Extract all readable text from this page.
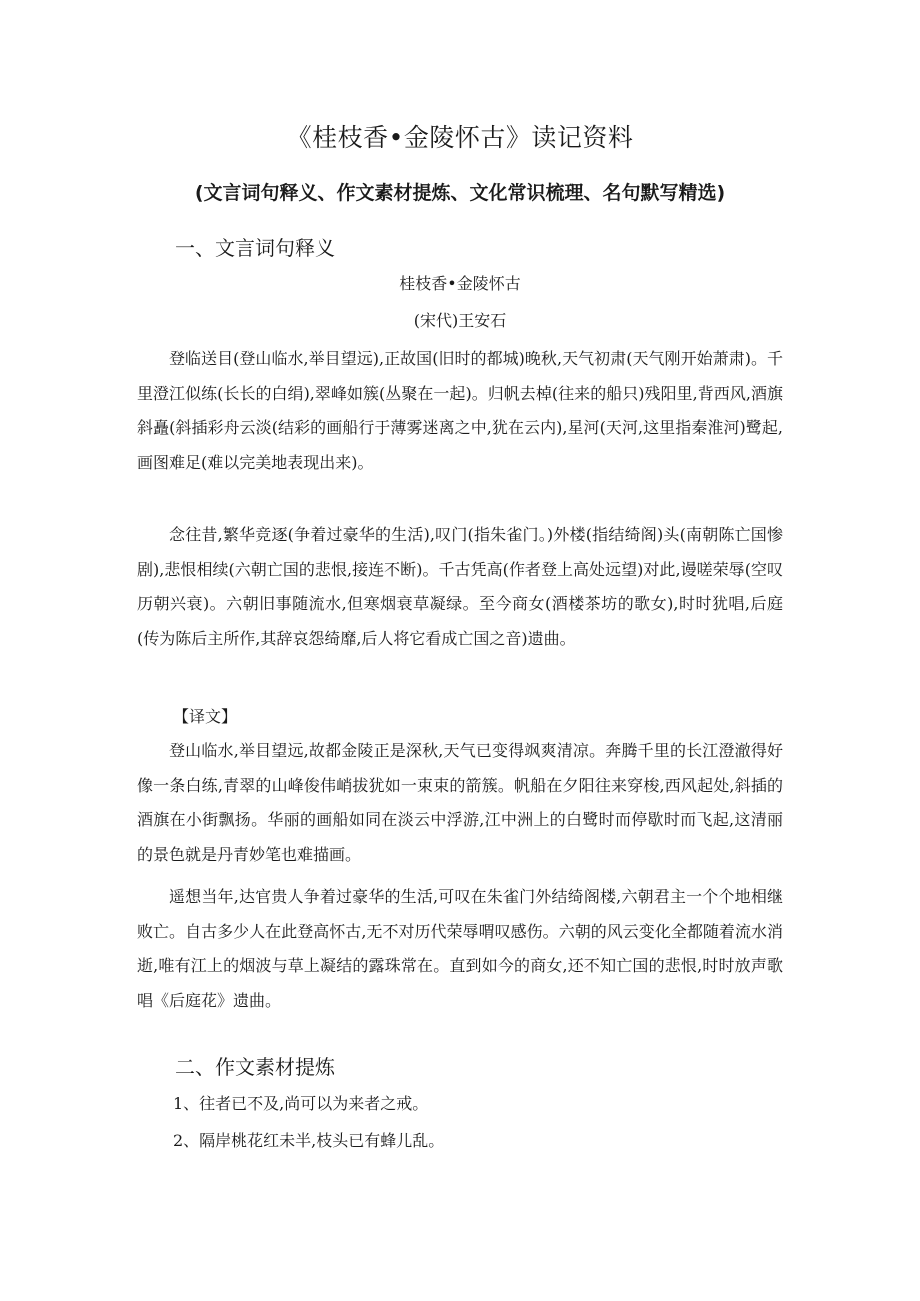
《桂枝香•金陵怀古》读记资料
(文言词句释义、作文素材提炼、文化常识梳理、名句默写精选)
一、文言词句释义

桂枝香•金陵怀古

(宋代)王安石

登临送目(登山临水,举目望远),正故国(旧时的都城)晚秋,天气初肃(天气刚开始萧肃)。千里澄江似练(长长的白绢),翠峰如簇(丛聚在一起)。归帆去棹(往来的船只)残阳里,背西风,酒旗斜矗(斜插彩舟云淡(结彩的画船行于薄雾迷离之中,犹在云内),星河(天河,这里指秦淮河)鹭起,画图难足(难以完美地表现出来)。

念往昔,繁华竞逐(争着过豪华的生活),叹门(指朱雀门。)外楼(指结绮阁)头(南朝陈亡国惨剧),悲恨相续(六朝亡国的悲恨,接连不断)。千古凭高(作者登上高处远望)对此,谩嗟荣辱(空叹历朝兴衰)。六朝旧事随流水,但寒烟衰草凝绿。至今商女(酒楼茶坊的歌女),时时犹唱,后庭(传为陈后主所作,其辞哀怨绮靡,后人将它看成亡国之音)遗曲。

【译文】

登山临水,举目望远,故都金陵正是深秋,天气已变得飒爽清凉。奔腾千里的长江澄澈得好像一条白练,青翠的山峰俊伟峭拔犹如一束束的箭簇。帆船在夕阳往来穿梭,西风起处,斜插的酒旗在小街飘扬。华丽的画船如同在淡云中浮游,江中洲上的白鹭时而停歇时而飞起,这清丽的景色就是丹青妙笔也难描画。

遥想当年,达官贵人争着过豪华的生活,可叹在朱雀门外结绮阁楼,六朝君主一个个地相继败亡。自古多少人在此登高怀古,无不对历代荣辱喟叹感伤。六朝的风云变化全都随着流水消逝,唯有江上的烟波与草上凝结的露珠常在。直到如今的商女,还不知亡国的悲恨,时时放声歌唱《后庭花》遗曲。

二、作文素材提炼

1、往者已不及,尚可以为来者之戒。

2、隔岸桃花红未半,枝头已有蜂儿乱。
